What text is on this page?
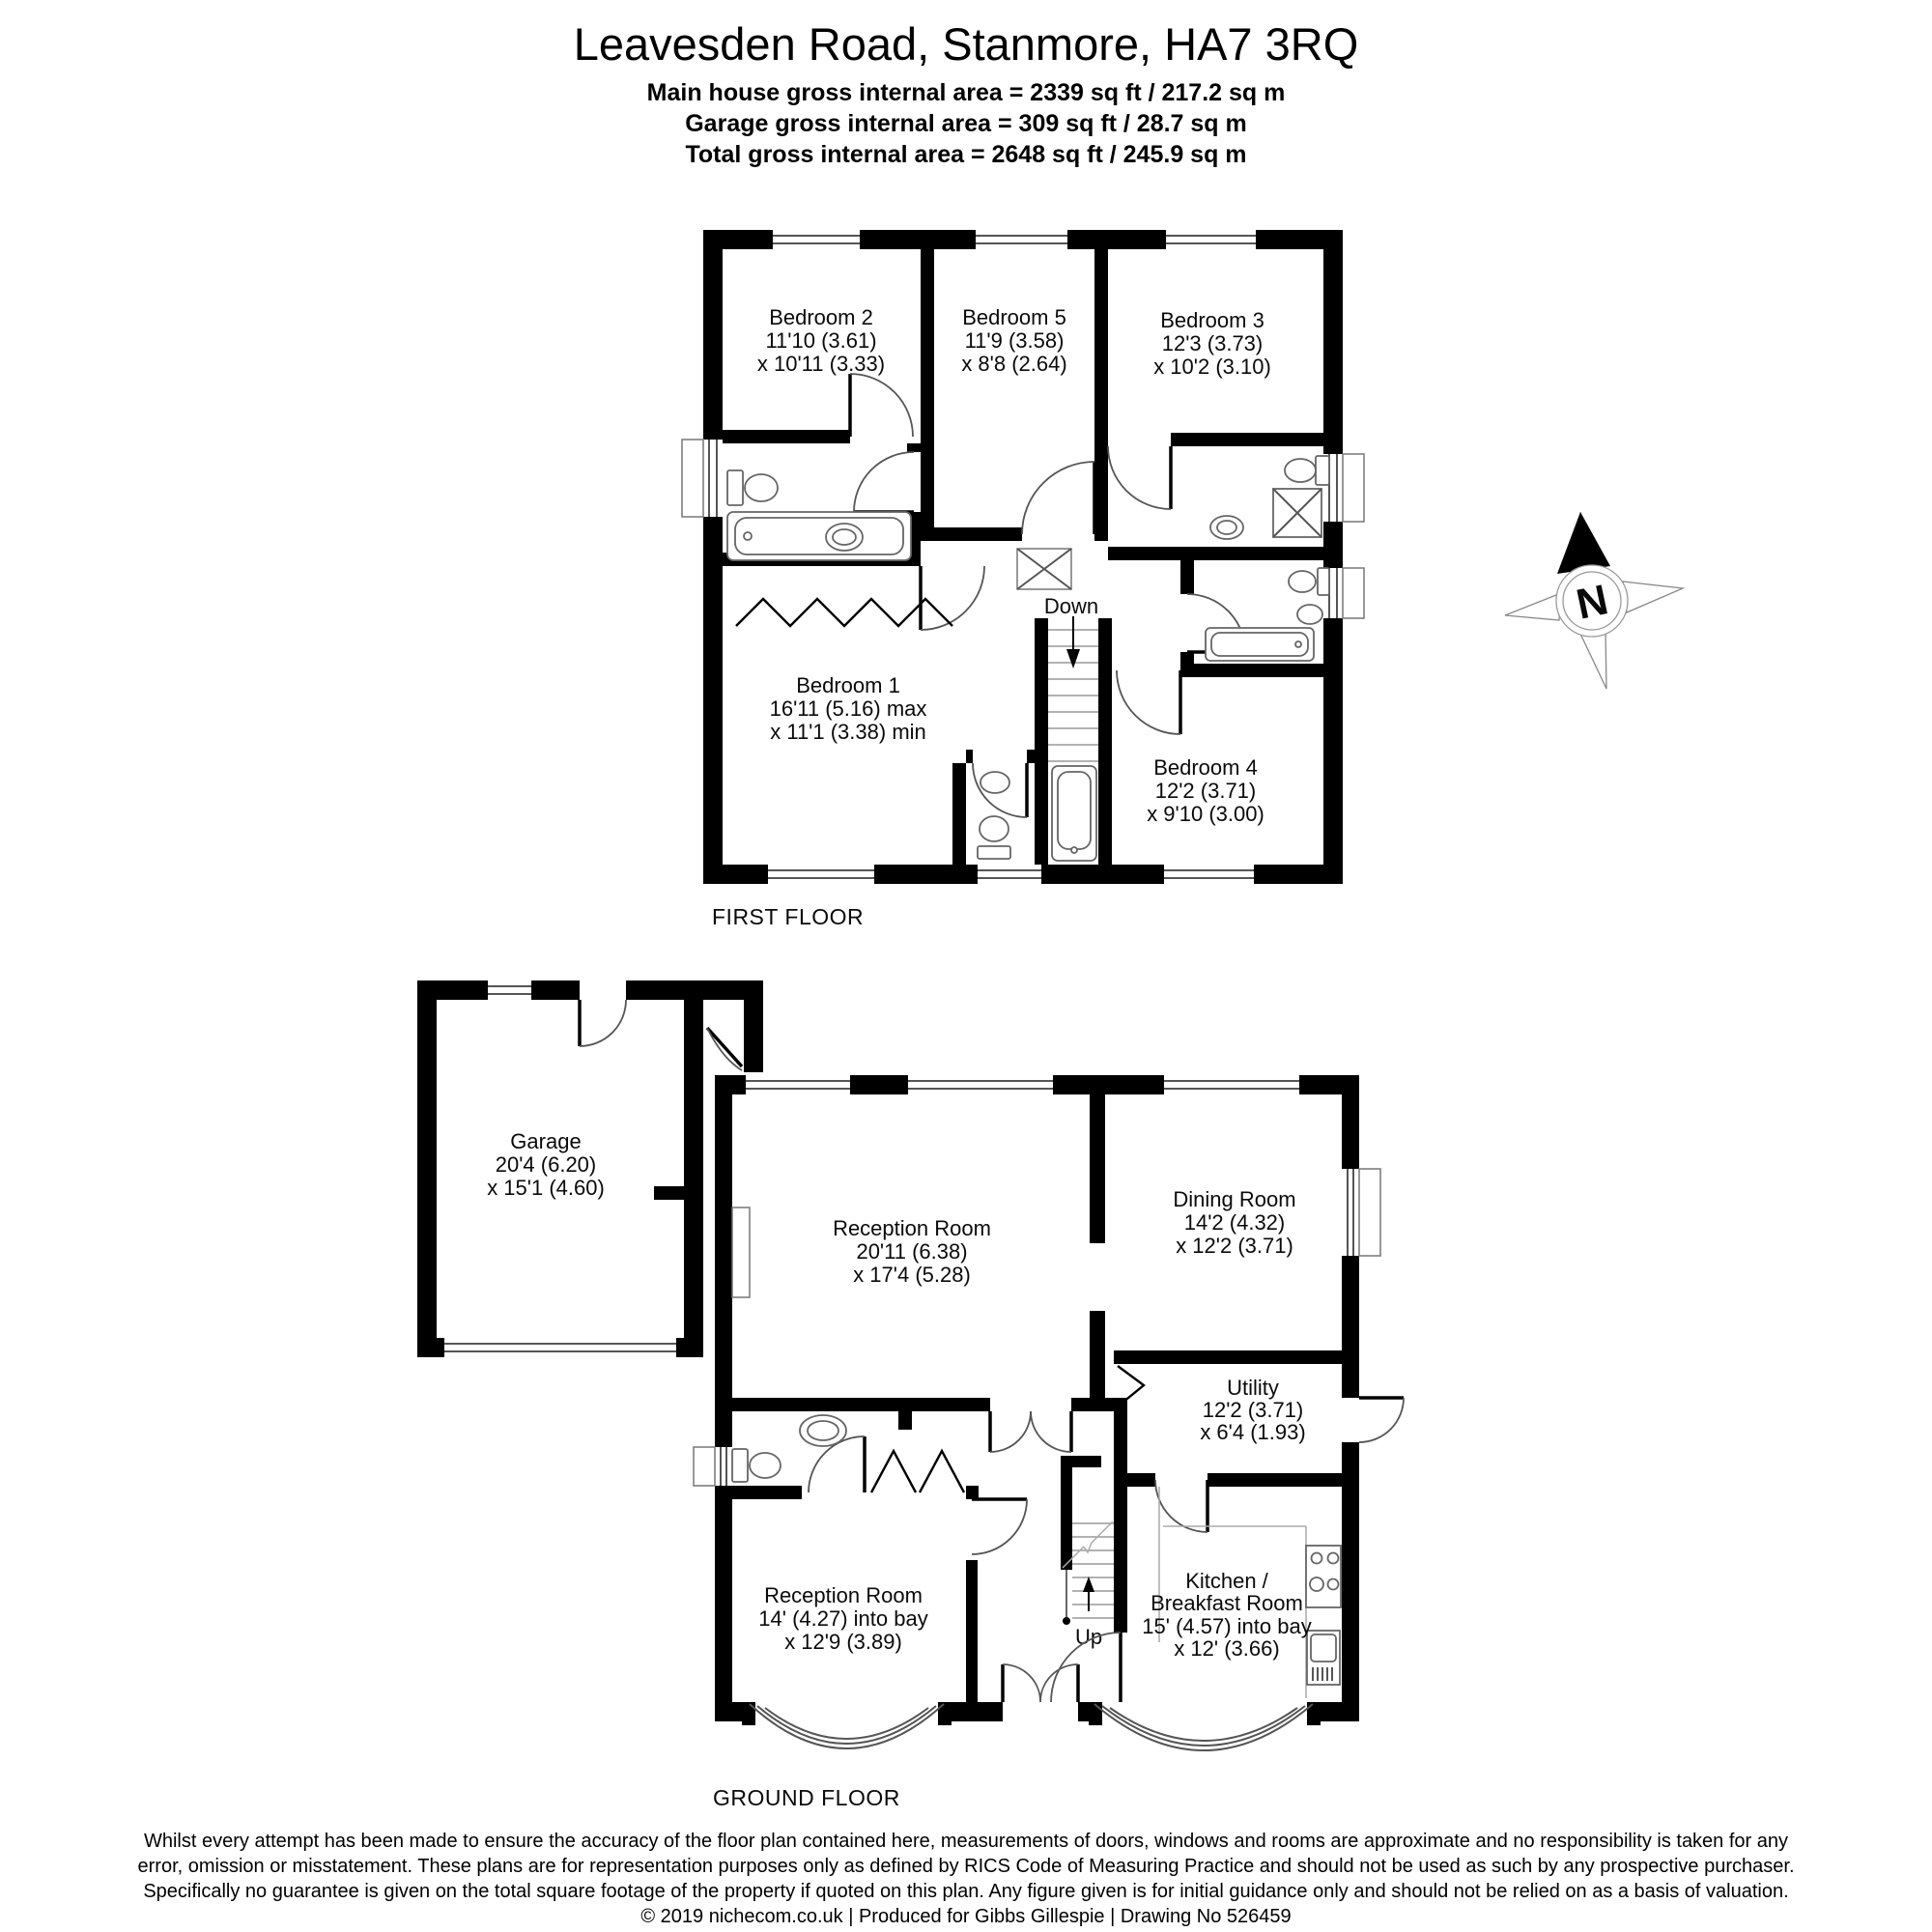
Leavesden Road, Stanmore, HA7 3RQ
Main house gross internal area = 2339 sq ft / 217.2 sq m
Garage gross internal area = 309 sq ft / 28.7 sq m
Total gross internal area = 2648 sq ft / 245.9 sq m
Down
Bedroom 2
11'10 (3.61)
x 10'11 (3.33)
Bedroom 5
11'9 (3.58)
x 8'8 (2.64)
Bedroom 3
12'3 (3.73)
x 10'2 (3.10)
Bedroom 1
16'11 (5.16) max
x 11'1 (3.38) min
Bedroom 4
12'2 (3.71)
x 9'10 (3.00)
FIRST FLOOR
N
Up
Garage
20'4 (6.20)
x 15'1 (4.60)
Reception Room
20'11 (6.38)
x 17'4 (5.28)
Dining Room
14'2 (4.32)
x 12'2 (3.71)
Utility
12'2 (3.71)
x 6'4 (1.93)
Reception Room
14' (4.27) into bay
x 12'9 (3.89)
Kitchen /
Breakfast Room
15' (4.57) into bay
x 12' (3.66)
GROUND FLOOR
Whilst every attempt has been made to ensure the accuracy of the floor plan contained here, measurements of doors, windows and rooms are approximate and no responsibility is taken for any
error, omission or misstatement. These plans are for representation purposes only as defined by RICS Code of Measuring Practice and should not be used as such by any prospective purchaser.
Specifically no guarantee is given on the total square footage of the property if quoted on this plan. Any figure given is for initial guidance only and should not be relied on as a basis of valuation.
© 2019 nichecom.co.uk | Produced for Gibbs Gillespie | Drawing No 526459
